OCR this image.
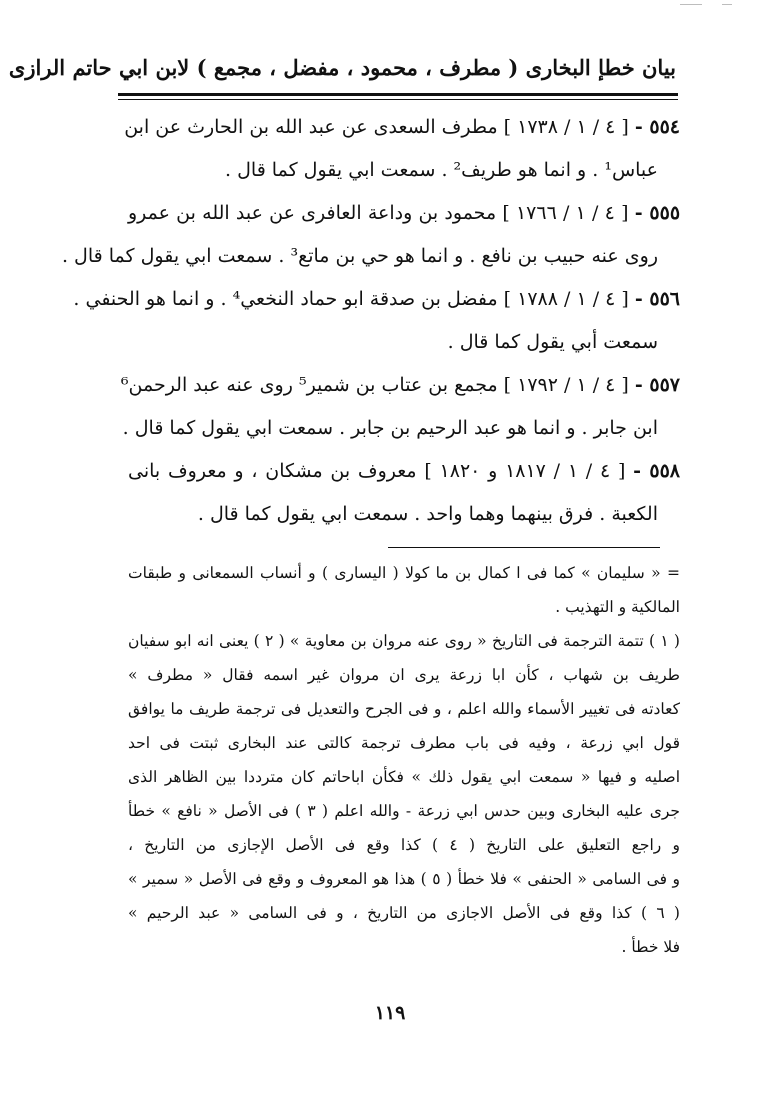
بيان خطإ البخارى ( مطرف ، محمود ، مفضل ، مجمع ) لابن ابي حاتم الرازى
٥٥٤ - [ ٤ / ١ / ١٧٣٨ ] مطرف السعدى عن عبد الله بن الحارث عن ابن
عباس¹ . و انما هو طريف² . سمعت ابي يقول كما قال .
٥٥٥ - [ ٤ / ١ / ١٧٦٦ ] محمود بن وداعة العافرى عن عبد الله بن عمرو
روى عنه حبيب بن نافع . و انما هو حي بن ماتع³ . سمعت ابي يقول كما قال .
٥٥٦ - [ ٤ / ١ / ١٧٨٨ ] مفضل بن صدقة ابو حماد النخعي⁴ . و انما هو الحنفي .
سمعت أبي يقول كما قال .
٥٥٧ - [ ٤ / ١ / ١٧٩٢ ] مجمع بن عتاب بن شمير⁵ روى عنه عبد الرحمن⁶
ابن جابر . و انما هو عبد الرحيم بن جابر . سمعت ابي يقول كما قال .
٥٥٨ - [ ٤ / ١ / ١٨١٧ و ١٨٢٠ ] معروف بن مشكان ، و معروف بانى
الكعبة . فرق بينهما وهما واحد . سمعت ابي يقول كما قال .
= « سليمان » كما فى ا كمال بن ما كولا ( اليسارى ) و أنساب السمعانى و طبقات
المالكية و التهذيب .
( ١ ) تتمة الترجمة فى التاريخ « روى عنه مروان بن معاوية » ( ٢ ) يعنى انه ابو سفيان
طريف بن شهاب ، كأن ابا زرعة يرى ان مروان غير اسمه فقال « مطرف »
كعادته فى تغيير الأسماء والله اعلم ، و فى الجرح والتعديل فى ترجمة طريف ما يوافق
قول ابي زرعة ، وفيه فى باب مطرف ترجمة كالتى عند البخارى ثبتت فى احد
اصليه و فيها « سمعت ابي يقول ذلك » فكأن اباحاتم كان مترددا بين الظاهر الذى
جرى عليه البخارى وبين حدس ابي زرعة - والله اعلم ( ٣ ) فى الأصل « نافع » خطأ
و راجع التعليق على التاريخ ( ٤ ) كذا وقع فى الأصل الإجازى من التاريخ ،
و فى السامى « الحنفى » فلا خطأ ( ٥ ) هذا هو المعروف و وقع فى الأصل « سمير »
( ٦ ) كذا وقع فى الأصل الاجازى من التاريخ ، و فى السامى « عبد الرحيم »
فلا خطأ .
١١٩
